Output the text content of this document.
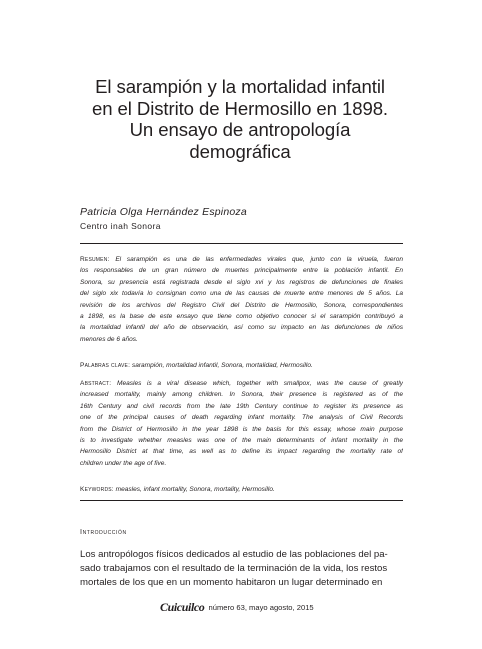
El sarampión y la mortalidad infantil
en el Distrito de Hermosillo en 1898.
Un ensayo de antropología
demográfica
Patricia Olga Hernández Espinoza
Centro inah Sonora
Resumen: El sarampión es una de las enfermedades virales que, junto con la viruela, fueron
los responsables de un gran número de muertes principalmente entre la población infantil. En
Sonora, su presencia está registrada desde el siglo xvi y los registros de defunciones de finales
del siglo xix todavía lo consignan como una de las causas de muerte entre menores de 5 años. La
revisión de los archivos del Registro Civil del Distrito de Hermosillo, Sonora, correspondientes
a 1898, es la base de este ensayo que tiene como objetivo conocer si el sarampión contribuyó a
la mortalidad infantil del año de observación, así como su impacto en las defunciones de niños
menores de 6 años.
Palabras clave: sarampión, mortalidad infantil, Sonora, mortalidad, Hermosillo.
Abstract: Measles is a viral disease which, together with smallpox, was the cause of greatly
increased mortality, mainly among children. In Sonora, their presence is registered as of the
16th Century and civil records from the late 19th Century continue to register its presence as
one of the principal causes of death regarding infant mortality. The analysis of Civil Records
from the District of Hermosillo in the year 1898 is the basis for this essay, whose main purpose
is to investigate whether measles was one of the main determinants of infant mortality in the
Hermosillo District at that time, as well as to define its impact regarding the mortality rate of
children under the age of five.
Keywords: measles, infant mortality, Sonora, mortality, Hermosillo.
Introducción
Los antropólogos físicos dedicados al estudio de las poblaciones del pa-
sado trabajamos con el resultado de la terminación de la vida, los restos
mortales de los que en un momento habitaron un lugar determinado en
Cuicuilco número 63, mayo agosto, 2015
